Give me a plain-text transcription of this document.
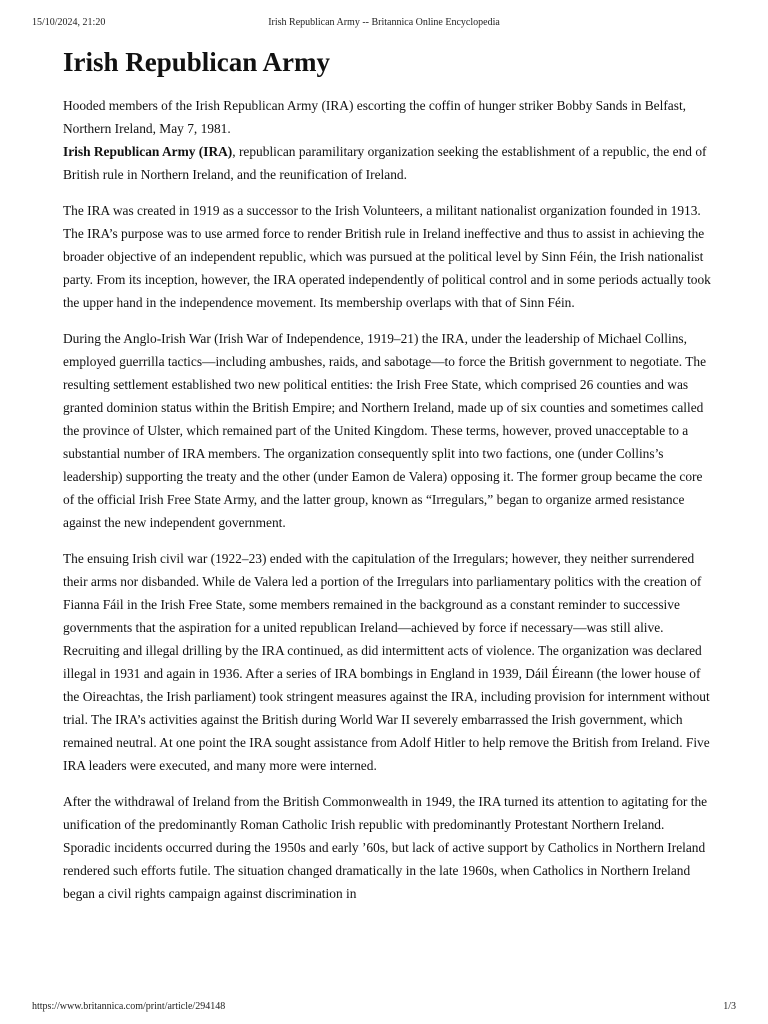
15/10/2024, 21:20	Irish Republican Army -- Britannica Online Encyclopedia
Irish Republican Army

Hooded members of the Irish Republican Army (IRA) escorting the coffin of hunger striker Bobby Sands in Belfast, Northern Ireland, May 7, 1981.

Irish Republican Army (IRA), republican paramilitary organization seeking the establishment of a republic, the end of British rule in Northern Ireland, and the reunification of Ireland.

The IRA was created in 1919 as a successor to the Irish Volunteers, a militant nationalist organization founded in 1913. The IRA’s purpose was to use armed force to render British rule in Ireland ineffective and thus to assist in achieving the broader objective of an independent republic, which was pursued at the political level by Sinn Féin, the Irish nationalist party. From its inception, however, the IRA operated independently of political control and in some periods actually took the upper hand in the independence movement. Its membership overlaps with that of Sinn Féin.

During the Anglo-Irish War (Irish War of Independence, 1919–21) the IRA, under the leadership of Michael Collins, employed guerrilla tactics—including ambushes, raids, and sabotage—to force the British government to negotiate. The resulting settlement established two new political entities: the Irish Free State, which comprised 26 counties and was granted dominion status within the British Empire; and Northern Ireland, made up of six counties and sometimes called the province of Ulster, which remained part of the United Kingdom. These terms, however, proved unacceptable to a substantial number of IRA members. The organization consequently split into two factions, one (under Collins’s leadership) supporting the treaty and the other (under Eamon de Valera) opposing it. The former group became the core of the official Irish Free State Army, and the latter group, known as “Irregulars,” began to organize armed resistance against the new independent government.

The ensuing Irish civil war (1922–23) ended with the capitulation of the Irregulars; however, they neither surrendered their arms nor disbanded. While de Valera led a portion of the Irregulars into parliamentary politics with the creation of Fianna Fáil in the Irish Free State, some members remained in the background as a constant reminder to successive governments that the aspiration for a united republican Ireland—achieved by force if necessary—was still alive. Recruiting and illegal drilling by the IRA continued, as did intermittent acts of violence. The organization was declared illegal in 1931 and again in 1936. After a series of IRA bombings in England in 1939, Dáil Éireann (the lower house of the Oireachtas, the Irish parliament) took stringent measures against the IRA, including provision for internment without trial. The IRA’s activities against the British during World War II severely embarrassed the Irish government, which remained neutral. At one point the IRA sought assistance from Adolf Hitler to help remove the British from Ireland. Five IRA leaders were executed, and many more were interned.

After the withdrawal of Ireland from the British Commonwealth in 1949, the IRA turned its attention to agitating for the unification of the predominantly Roman Catholic Irish republic with predominantly Protestant Northern Ireland. Sporadic incidents occurred during the 1950s and early ’60s, but lack of active support by Catholics in Northern Ireland rendered such efforts futile. The situation changed dramatically in the late 1960s, when Catholics in Northern Ireland began a civil rights campaign against discrimination in

https://www.britannica.com/print/article/294148	1/3
